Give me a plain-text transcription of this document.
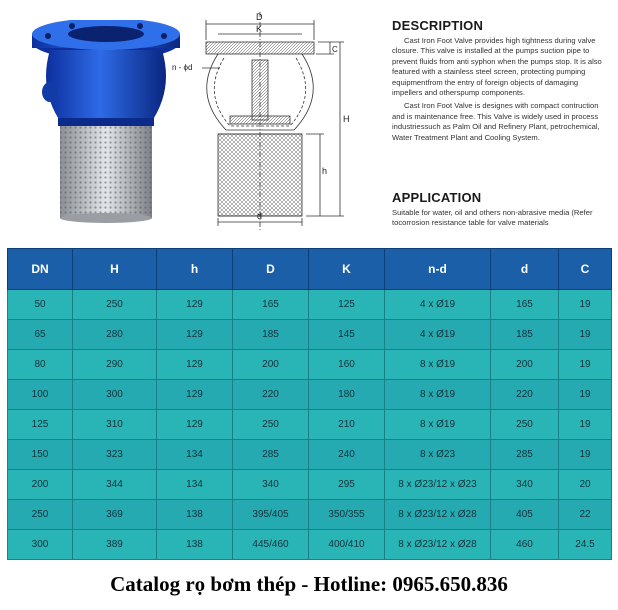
D
K
C
H
h
d
n - ϕd
DESCRIPTION

Cast Iron Foot Valve provides high tightness during valve closure. This valve is installed at the pumps suction pipe to prevent fluids from anti syphon when the pumps stop. It is also featured with a stainless steel screen, protecting pumping equipmentfrom the entry of foreign objects of damaging impellers and otherspump components.

Cast Iron Foot Valve is designes with compact contruction and is maintenance free. This Valve is widely used in process industriessuch as Palm Oil and Refinery Plant, petrochemical, Water Treatment Plant and Cooling System.

APPLICATION

Suitable for water, oil and others non-abrasive media (Refer tocorrosion resistance table for valve materials

DN	H	h	D	K	n-d	d	C
50	250	129	165	125	4 x Ø19	165	19
65	280	129	185	145	4 x Ø19	185	19
80	290	129	200	160	8 x Ø19	200	19
100	300	129	220	180	8 x Ø19	220	19
125	310	129	250	210	8 x Ø19	250	19
150	323	134	285	240	8 x Ø23	285	19
200	344	134	340	295	8 x Ø23/12 x Ø23	340	20
250	369	138	395/405	350/355	8 x Ø23/12 x Ø28	405	22
300	389	138	445/460	400/410	8 x Ø23/12 x Ø28	460	24.5
Catalog rọ bơm thép - Hotline: 0965.650.836
